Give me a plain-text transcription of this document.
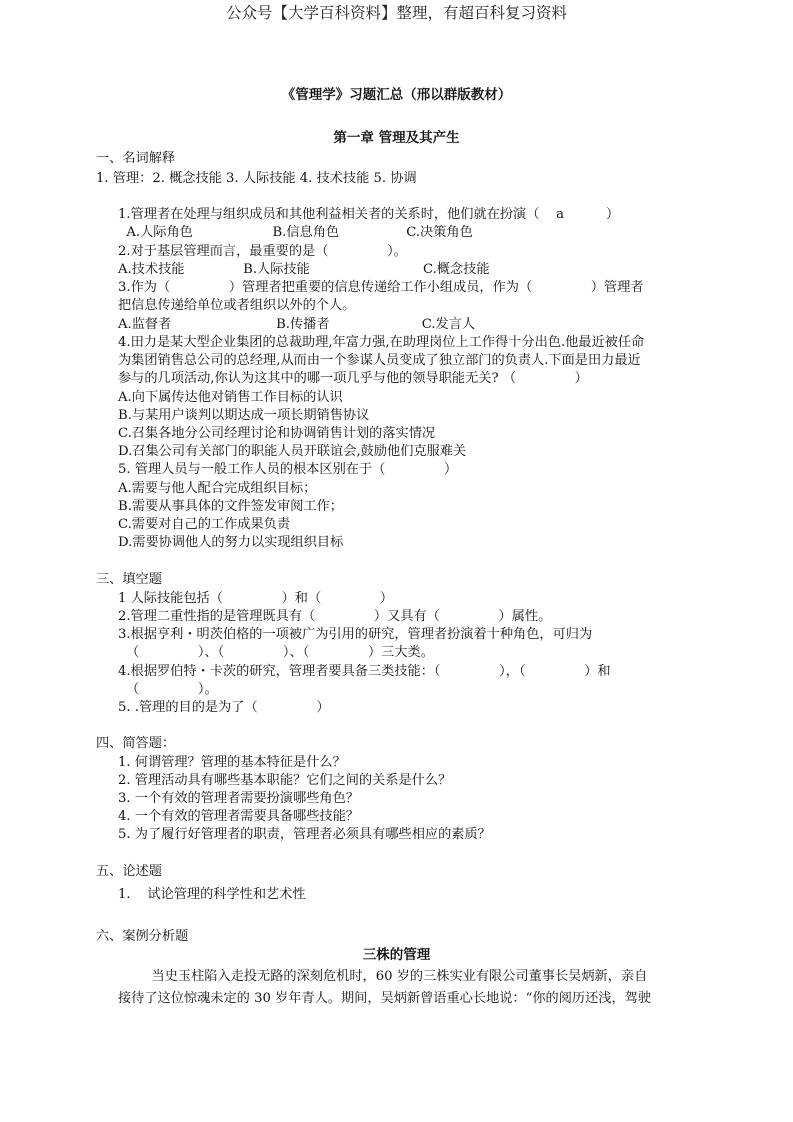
公众号【大学百科资料】整理，有超百科复习资料
《管理学》习题汇总（邢以群版教材）
第一章 管理及其产生
一、名词解释
1. 管理：2. 概念技能 3. 人际技能 4. 技术技能 5. 协调
1.管理者在处理与组织成员和其他利益相关者的关系时，他们就在扮演（    a          ）
A.人际角色                   B.信息角色                C.决策角色
2.对于基层管理而言，最重要的是（              ）。
A.技术技能              B.人际技能                           C.概念技能
3.作为（              ）管理者把重要的信息传递给工作小组成员，作为（              ）管理者
把信息传递给单位或者组织以外的个人。
A.监督者                         B.传播者                      C.发言人
4.田力是某大型企业集团的总裁助理,年富力强,在助理岗位上工作得十分出色.他最近被任命
为集团销售总公司的总经理,从而由一个参谋人员变成了独立部门的负责人.下面是田力最近
参与的几项活动,你认为这其中的哪一项几乎与他的领导职能无关? （              ）
A.向下属传达他对销售工作目标的认识
B.与某用户谈判以期达成一项长期销售协议
C.召集各地分公司经理讨论和协调销售计划的落实情况
D.召集公司有关部门的职能人员开联谊会,鼓励他们克服难关
5. 管理人员与一般工作人员的根本区别在于（              ）
A.需要与他人配合完成组织目标；
B.需要从事具体的文件签发审阅工作；
C.需要对自己的工作成果负责
D.需要协调他人的努力以实现组织目标
三、填空题
1 人际技能包括（              ）和（              ）
2.管理二重性指的是管理既具有（              ）又具有（              ）属性。
3.根据亨利・明茨伯格的一项被广为引用的研究，管理者扮演着十种角色，可归为
（              ）、（              ）、（              ）三大类。
4.根据罗伯特・卡茨的研究，管理者要具备三类技能：（              ），（              ）和
（              ）。
5. .管理的目的是为了（              ）
四、简答题：
1. 何谓管理？管理的基本特征是什么？
2. 管理活动具有哪些基本职能？它们之间的关系是什么？
3. 一个有效的管理者需要扮演哪些角色？
4. 一个有效的管理者需要具备哪些技能？
5. 为了履行好管理者的职责，管理者必须具有哪些相应的素质？
五、论述题
1.    试论管理的科学性和艺术性
六、案例分析题
三株的管理
当史玉柱陷入走投无路的深刻危机时，60 岁的三株实业有限公司董事长吴炳新，亲自
接待了这位惊魂未定的 30 岁年青人。期间，吴炳新曾语重心长地说：“你的阅历还浅，驾驶
